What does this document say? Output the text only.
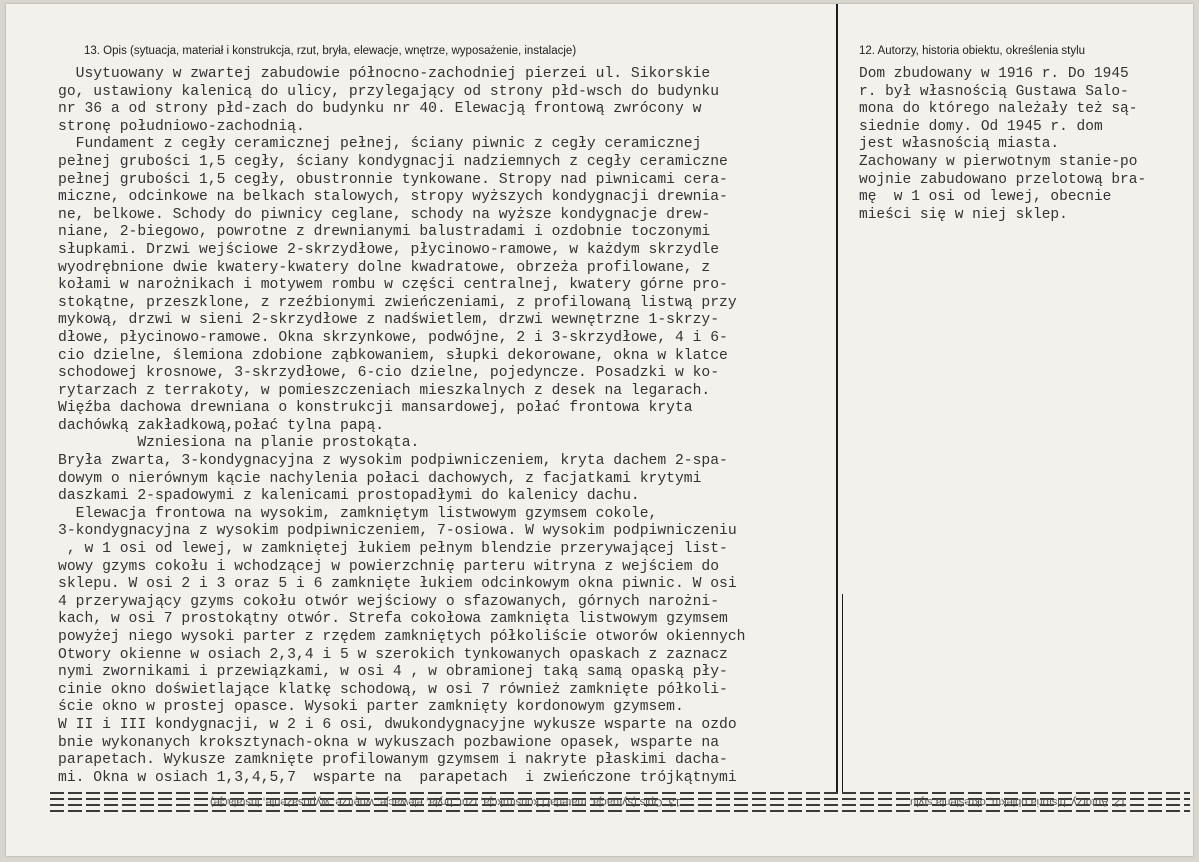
13. Opis (sytuacja, materiał i konstrukcja, rzut, bryła, elewacje, wnętrze, wyposażenie, instalacje)
Usytuowany w zwartej zabudowie północno-zachodniej pierzei ul. Sikorskie
go, ustawiony kalenicą do ulicy, przylegający od strony płd-wsch do budynku
nr 36 a od strony płd-zach do budynku nr 40. Elewacją frontową zwrócony w
stronę południowo-zachodnią.
Fundament z cegły ceramicznej pełnej, ściany piwnic z cegły ceramicznej
pełnej grubości 1,5 cegły, ściany kondygnacji nadziemnych z cegły ceramiczne
pełnej grubości 1,5 cegły, obustronnie tynkowane. Stropy nad piwnicami cera-
miczne, odcinkowe na belkach stalowych, stropy wyższych kondygnacji drewnia-
ne, belkowe. Schody do piwnicy ceglane, schody na wyższe kondygnacje drew-
niane, 2-biegowo, powrotne z drewnianymi balustradami i ozdobnie toczonymi
słupkami. Drzwi wejściowe 2-skrzydłowe, płycinowo-ramowe, w każdym skrzydle
wyodrębnione dwie kwatery-kwatery dolne kwadratowe, obrzeża profilowane, z
kołami w narożnikach i motywem rombu w części centralnej, kwatery górne pro-
stokątne, przeszklone, z rzeźbionymi zwieńczeniami, z profilowaną listwą przy
mykową, drzwi w sieni 2-skrzydłowe z nadświetlem, drzwi wewnętrzne 1-skrzy-
dłowe, płycinowo-ramowe. Okna skrzynkowe, podwójne, 2 i 3-skrzydłowe, 4 i 6-
cio dzielne, ślemiona zdobione ząbkowaniem, słupki dekorowane, okna w klatce
schodowej krosnowe, 3-skrzydłowe, 6-cio dzielne, pojedyncze. Posadzki w ko-
rytarzach z terrakoty, w pomieszczeniach mieszkalnych z desek na legarach.
Więźba dachowa drewniana o konstrukcji mansardowej, połać frontowa kryta
dachówką zakładkową,połać tylna papą.
Wzniesiona na planie prostokąta.
Bryła zwarta, 3-kondygnacyjna z wysokim podpiwniczeniem, kryta dachem 2-spa-
dowym o nierównym kącie nachylenia połaci dachowych, z facjatkami krytymi
daszkami 2-spadowymi z kalenicami prostopadłymi do kalenicy dachu.
Elewacja frontowa na wysokim, zamkniętym listwowym gzymsem cokole,
3-kondygnacyjna z wysokim podpiwniczeniem, 7-osiowa. W wysokim podpiwniczeniu
, w 1 osi od lewej, w zamkniętej łukiem pełnym blendzie przerywającej list-
wowy gzyms cokołu i wchodzącej w powierzchnię parteru witryna z wejściem do
sklepu. W osi 2 i 3 oraz 5 i 6 zamknięte łukiem odcinkowym okna piwnic. W osi
4 przerywający gzyms cokołu otwór wejściowy o sfazowanych, górnych narożni-
kach, w osi 7 prostokątny otwór. Strefa cokołowa zamknięta listwowym gzymsem
powyżej niego wysoki parter z rzędem zamkniętych półkoliście otworów okiennych
Otwory okienne w osiach 2,3,4 i 5 w szerokich tynkowanych opaskach z zaznacz
nymi zwornikami i przewiązkami, w osi 4 , w obramionej taką samą opaską pły-
cinie okno doświetlające klatkę schodową, w osi 7 również zamknięte półkoli-
ście okno w prostej opasce. Wysoki parter zamknięty kordonowym gzymsem.
W II i III kondygnacji, w 2 i 6 osi, dwukondygnacyjne wykusze wsparte na ozdo
bnie wykonanych kroksztynach-okna w wykuszach pozbawione opasek, wsparte na
parapetach. Wykusze zamknięte profilowanym gzymsem i nakryte płaskimi dacha-
mi. Okna w osiach 1,3,4,5,7  wsparte na  parapetach  i zwieńczone trójkątnymi
12. Autorzy, historia obiektu, określenia stylu
Dom zbudowany w 1916 r. Do 1945
r. był własnością Gustawa Salo-
mona do którego należały też są-
siednie domy. Od 1945 r. dom
jest własnością miasta.
Zachowany w pierwotnym stanie-po
wojnie zabudowano przelotową bra-
mę  w 1 osi od lewej, obecnie
mieści się w niej sklep.
13. Opis (sytuacja, materiał i konstrukcja, rzut, bryła, elewacje, wnętrze, wyposażenie, instalacje)	12. Autorzy, historia obiektu, określenia stylu
